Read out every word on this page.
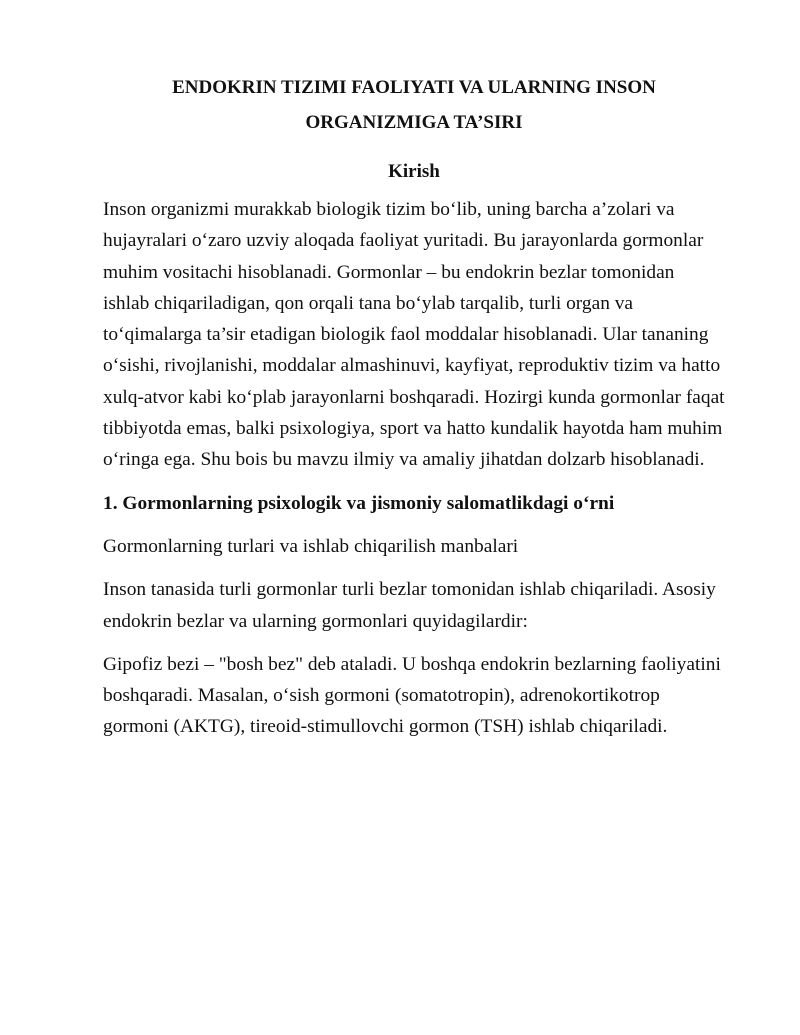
ENDOKRIN TIZIMI FAOLIYATI VA ULARNING INSON
ORGANIZMIGA TA’SIRI
Kirish

Inson organizmi murakkab biologik tizim bo‘lib, uning barcha a’zolari va hujayralari o‘zaro uzviy aloqada faoliyat yuritadi. Bu jarayonlarda gormonlar muhim vositachi hisoblanadi. Gormonlar – bu endokrin bezlar tomonidan ishlab chiqariladigan, qon orqali tana bo‘ylab tarqalib, turli organ va to‘qimalarga ta’sir etadigan biologik faol moddalar hisoblanadi. Ular tananing o‘sishi, rivojlanishi, moddalar almashinuvi, kayfiyat, reproduktiv tizim va hatto xulq-atvor kabi ko‘plab jarayonlarni boshqaradi. Hozirgi kunda gormonlar faqat tibbiyotda emas, balki psixologiya, sport va hatto kundalik hayotda ham muhim o‘ringa ega. Shu bois bu mavzu ilmiy va amaliy jihatdan dolzarb hisoblanadi.

1. Gormonlarning psixologik va jismoniy salomatlikdagi o‘rni
Gormonlarning turlari va ishlab chiqarilish manbalari

Inson tanasida turli gormonlar turli bezlar tomonidan ishlab chiqariladi. Asosiy endokrin bezlar va ularning gormonlari quyidagilardir:

Gipofiz bezi – "bosh bez" deb ataladi. U boshqa endokrin bezlarning faoliyatini boshqaradi. Masalan, o‘sish gormoni (somatotropin), adrenokortikotrop gormoni (AKTG), tireoid-stimullovchi gormon (TSH) ishlab chiqariladi.
